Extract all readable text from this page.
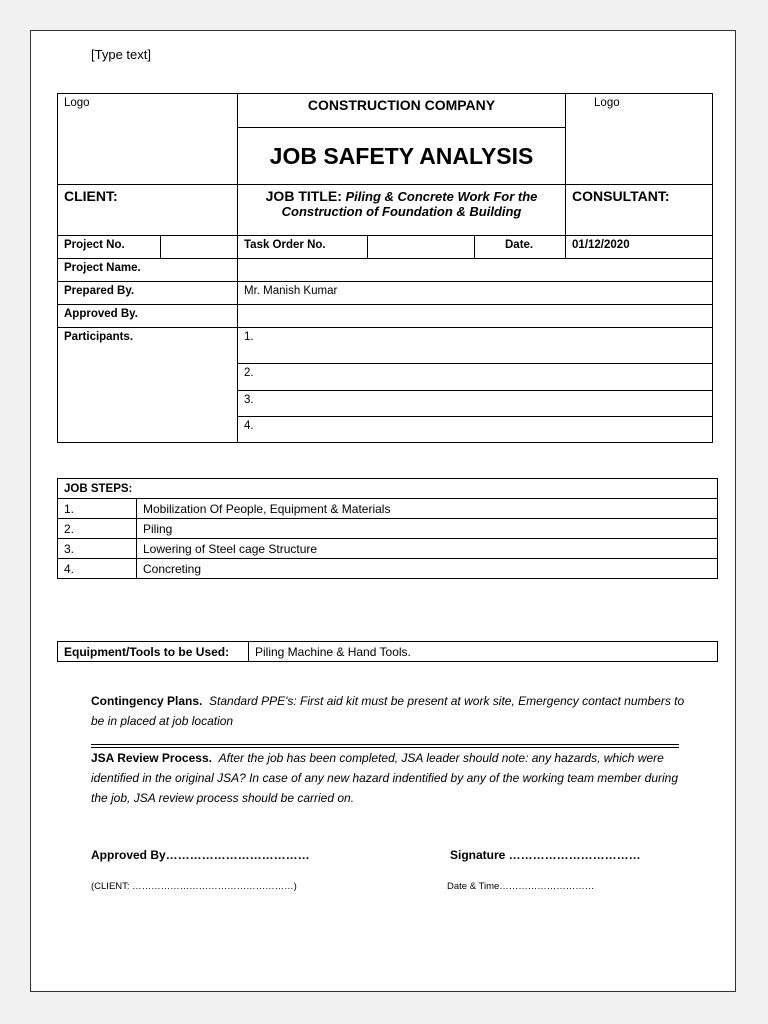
[Type text]
Logo		CONSTRUCTION COMPANY			Logo
		JOB SAFETY ANALYSIS			
CLIENT:		JOB TITLE: Piling & Concrete Work For the Construction of Foundation & Building			CONSULTANT:
Project No.		Task Order No.		Date.	01/12/2020
Project Name.					
Prepared By.		Mr. Manish Kumar			
Approved By.					
Participants.		1.			
		2.			
		3.			
		4.			
JOB STEPS:	
1.	Mobilization Of People, Equipment & Materials
2.	Piling
3.	Lowering of Steel cage Structure
4.	Concreting
Equipment/Tools to be Used:	Piling Machine & Hand Tools.
Contingency Plans. Standard PPE's: First aid kit must be present at work site, Emergency contact numbers to be in placed at job location
JSA Review Process. After the job has been completed, JSA leader should note: any hazards, which were identified in the original JSA? In case of any new hazard indentified by any of the working team member during the job, JSA review process should be carried on.
Approved By………………………………	Signature ……………………………
(CLIENT: ……………………………………………)	Date & Time…………………………
